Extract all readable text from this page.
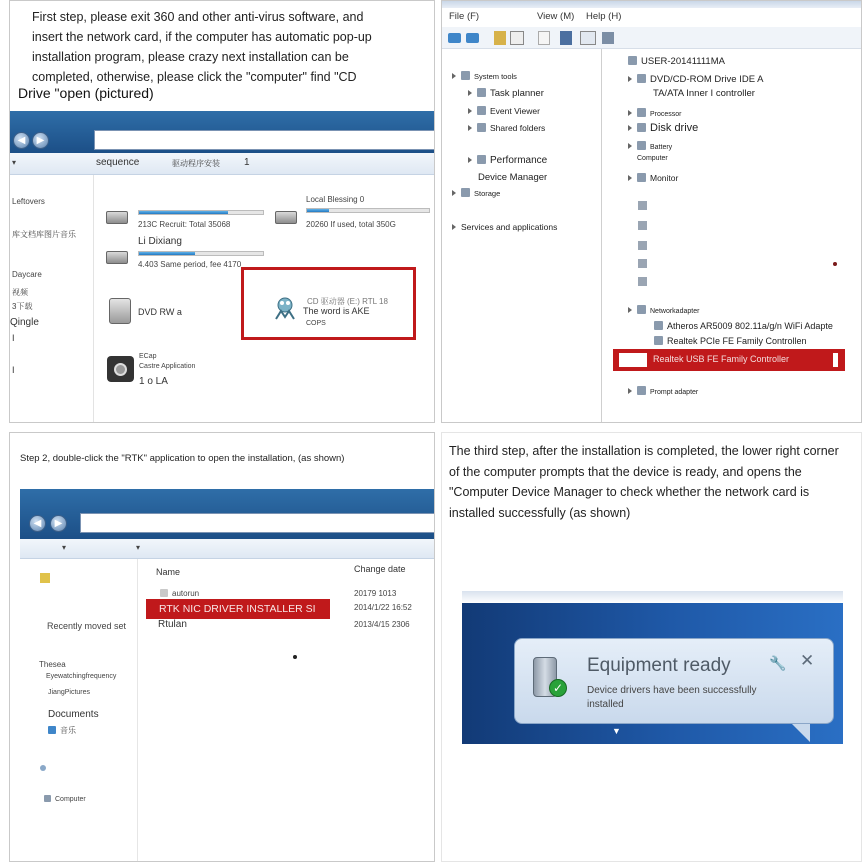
First step, please exit 360 and other anti-virus software, and
insert the network card, if the computer has automatic pop-up
installation program, please crazy next installation can be
completed, otherwise, please click the "computer" find "CD
Drive "open (pictured)
◀	▶
▾	sequence	驱动程序安装 1
Leftovers
库文档库图片音乐
Daycare
视频
3下载
Qingle
I
I
213C Recruit: Total 35068
Li Dixiang
Local Blessing 0
20260 If used, total 350G
4.403 Same period, fee 4170
DVD RW a
CD 驱动器 (E:) RTL 18
The word is AKE
COPS
ECap
Castre Application
1 o LA
File (F)	View (M) Help (H)
System tools
Task planner
Event Viewer
Shared folders
Performance
Device Manager
Storage
Services and applications
USER-20141111MA
DVD/CD-ROM Drive IDE A
TA/ATA Inner I controller
Processor
Disk drive
Battery
Computer
Monitor
Networkadapter
Atheros AR5009 802.11a/g/n WiFi Adapte
Realtek PCIe FE Family Controllen
Realtek USB FE Family Controller
Prompt adapter
Step 2, double-click the "RTK" application to open the installation, (as shown)
◀	▶
▾	▾
Recently moved set
Thesea
Eyewatchingfrequency
JiangPictures
Documents
音乐
Computer
Name	Change date
autorun	20179 1013
RTK NIC DRIVER INSTALLER SI	2014/1/22 16:52
Rtulan	2013/4/15 2306
The third step, after the installation is completed, the lower right corner of the computer prompts that the device is ready, and opens the "Computer Device Manager to check whether the network card is installed successfully (as shown)
✓
Equipment ready
Device drivers have been successfully
installed
🔧 ✕
▼
